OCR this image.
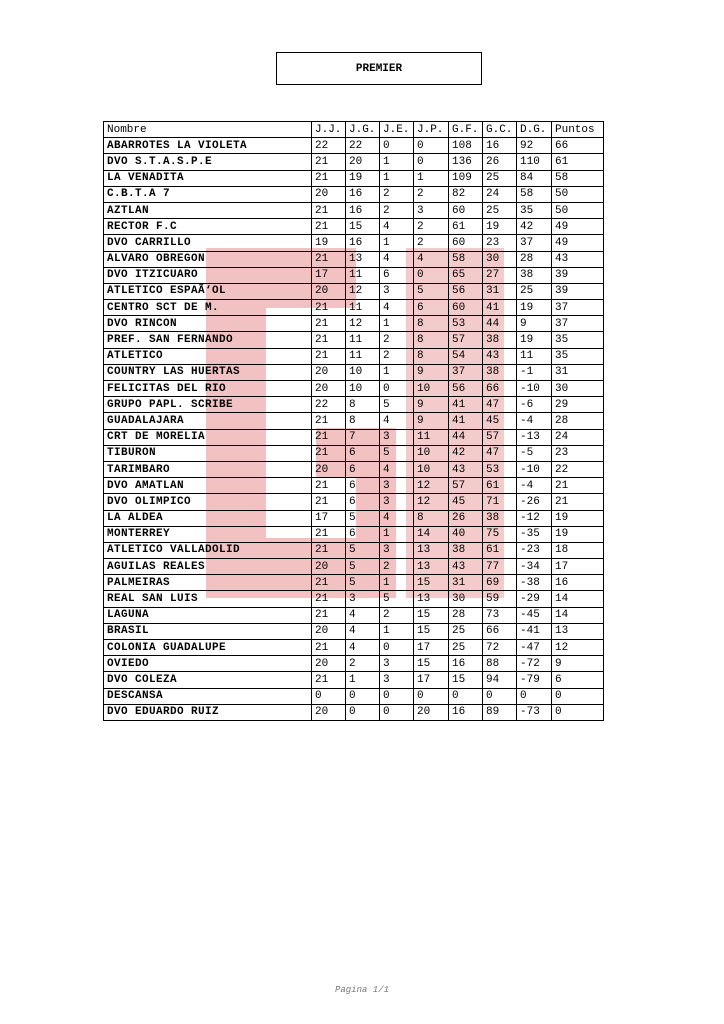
PREMIER
Nombre	J.J.	J.G.	J.E.	J.P.	G.F.	G.C.	D.G.	Puntos
ABARROTES LA VIOLETA	22	22	0	0	108	16	92	66
DVO S.T.A.S.P.E	21	20	1	0	136	26	110	61
LA VENADITA	21	19	1	1	109	25	84	58
C.B.T.A 7	20	16	2	2	82	24	58	50
AZTLAN	21	16	2	3	60	25	35	50
RECTOR F.C	21	15	4	2	61	19	42	49
DVO CARRILLO	19	16	1	2	60	23	37	49
ALVARO OBREGON	21	13	4	4	58	30	28	43
DVO ITZICUARO	17	11	6	0	65	27	38	39
ATLETICO ESPAÃ‘OL	20	12	3	5	56	31	25	39
CENTRO SCT DE M.	21	11	4	6	60	41	19	37
DVO RINCON	21	12	1	8	53	44	9	37
PREF. SAN FERNANDO	21	11	2	8	57	38	19	35
ATLETICO	21	11	2	8	54	43	11	35
COUNTRY LAS HUERTAS	20	10	1	9	37	38	-1	31
FELICITAS DEL RIO	20	10	0	10	56	66	-10	30
GRUPO PAPL. SCRIBE	22	8	5	9	41	47	-6	29
GUADALAJARA	21	8	4	9	41	45	-4	28
CRT DE MORELIA	21	7	3	11	44	57	-13	24
TIBURON	21	6	5	10	42	47	-5	23
TARIMBARO	20	6	4	10	43	53	-10	22
DVO AMATLAN	21	6	3	12	57	61	-4	21
DVO OLIMPICO	21	6	3	12	45	71	-26	21
LA ALDEA	17	5	4	8	26	38	-12	19
MONTERREY	21	6	1	14	40	75	-35	19
ATLETICO VALLADOLID	21	5	3	13	38	61	-23	18
AGUILAS REALES	20	5	2	13	43	77	-34	17
PALMEIRAS	21	5	1	15	31	69	-38	16
REAL SAN LUIS	21	3	5	13	30	59	-29	14
LAGUNA	21	4	2	15	28	73	-45	14
BRASIL	20	4	1	15	25	66	-41	13
COLONIA GUADALUPE	21	4	0	17	25	72	-47	12
OVIEDO	20	2	3	15	16	88	-72	9
DVO COLEZA	21	1	3	17	15	94	-79	6
DESCANSA	0	0	0	0	0	0	0	0
DVO EDUARDO RUIZ	20	0	0	20	16	89	-73	0
Pagina 1/1
